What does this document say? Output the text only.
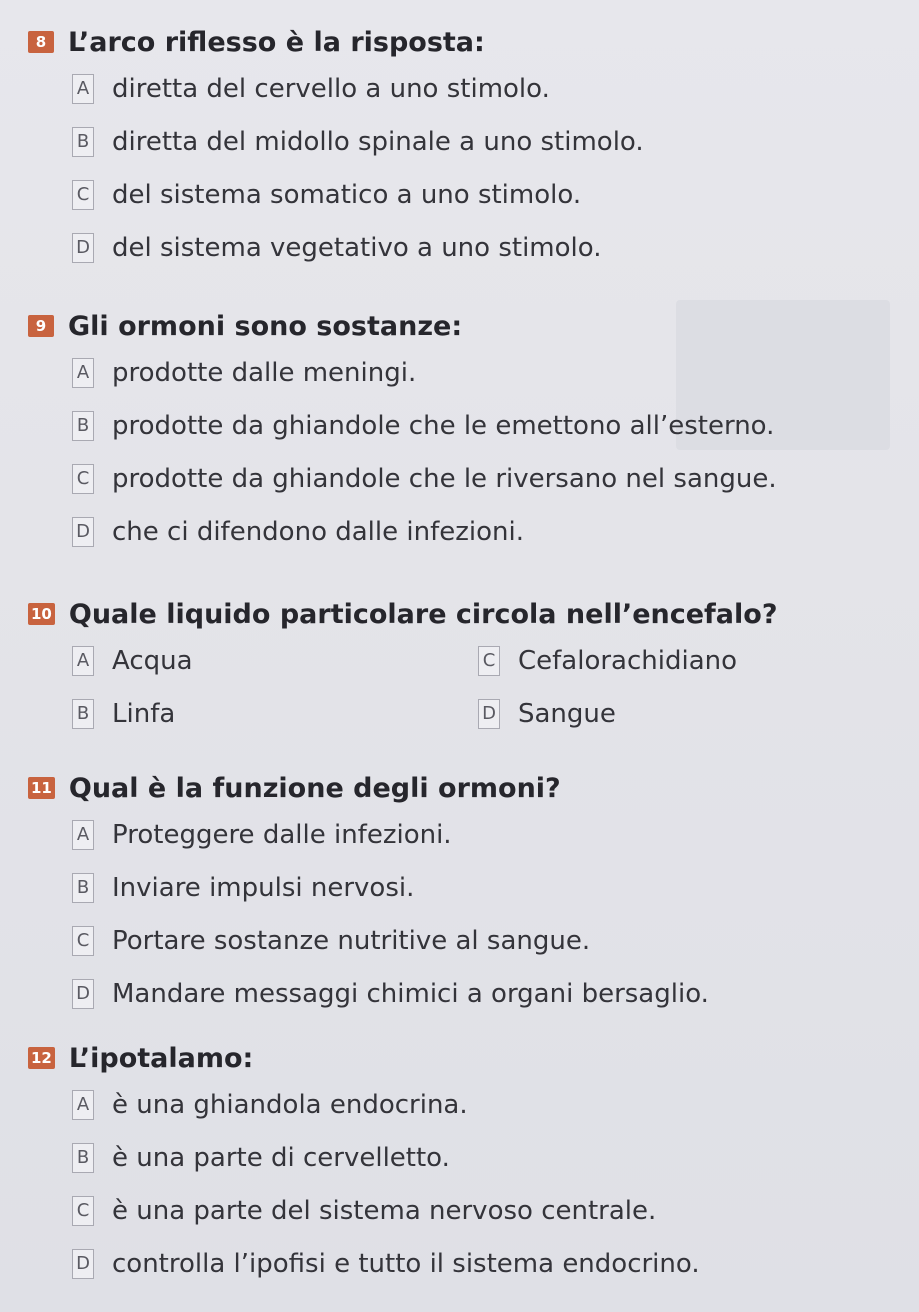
8 L’arco riflesso è la risposta:
A diretta del cervello a uno stimolo.
B diretta del midollo spinale a uno stimolo.
C del sistema somatico a uno stimolo.
D del sistema vegetativo a uno stimolo.
9 Gli ormoni sono sostanze:
A prodotte dalle meningi.
B prodotte da ghiandole che le emettono all’esterno.
C prodotte da ghiandole che le riversano nel sangue.
D che ci difendono dalle infezioni.
10 Quale liquido particolare circola nell’encefalo?
A Acqua	C Cefalorachidiano
B Linfa	D Sangue
11 Qual è la funzione degli ormoni?
A Proteggere dalle infezioni.
B Inviare impulsi nervosi.
C Portare sostanze nutritive al sangue.
D Mandare messaggi chimici a organi bersaglio.
12 L’ipotalamo:
A è una ghiandola endocrina.
B è una parte di cervelletto.
C è una parte del sistema nervoso centrale.
D controlla l’ipofisi e tutto il sistema endocrino.
